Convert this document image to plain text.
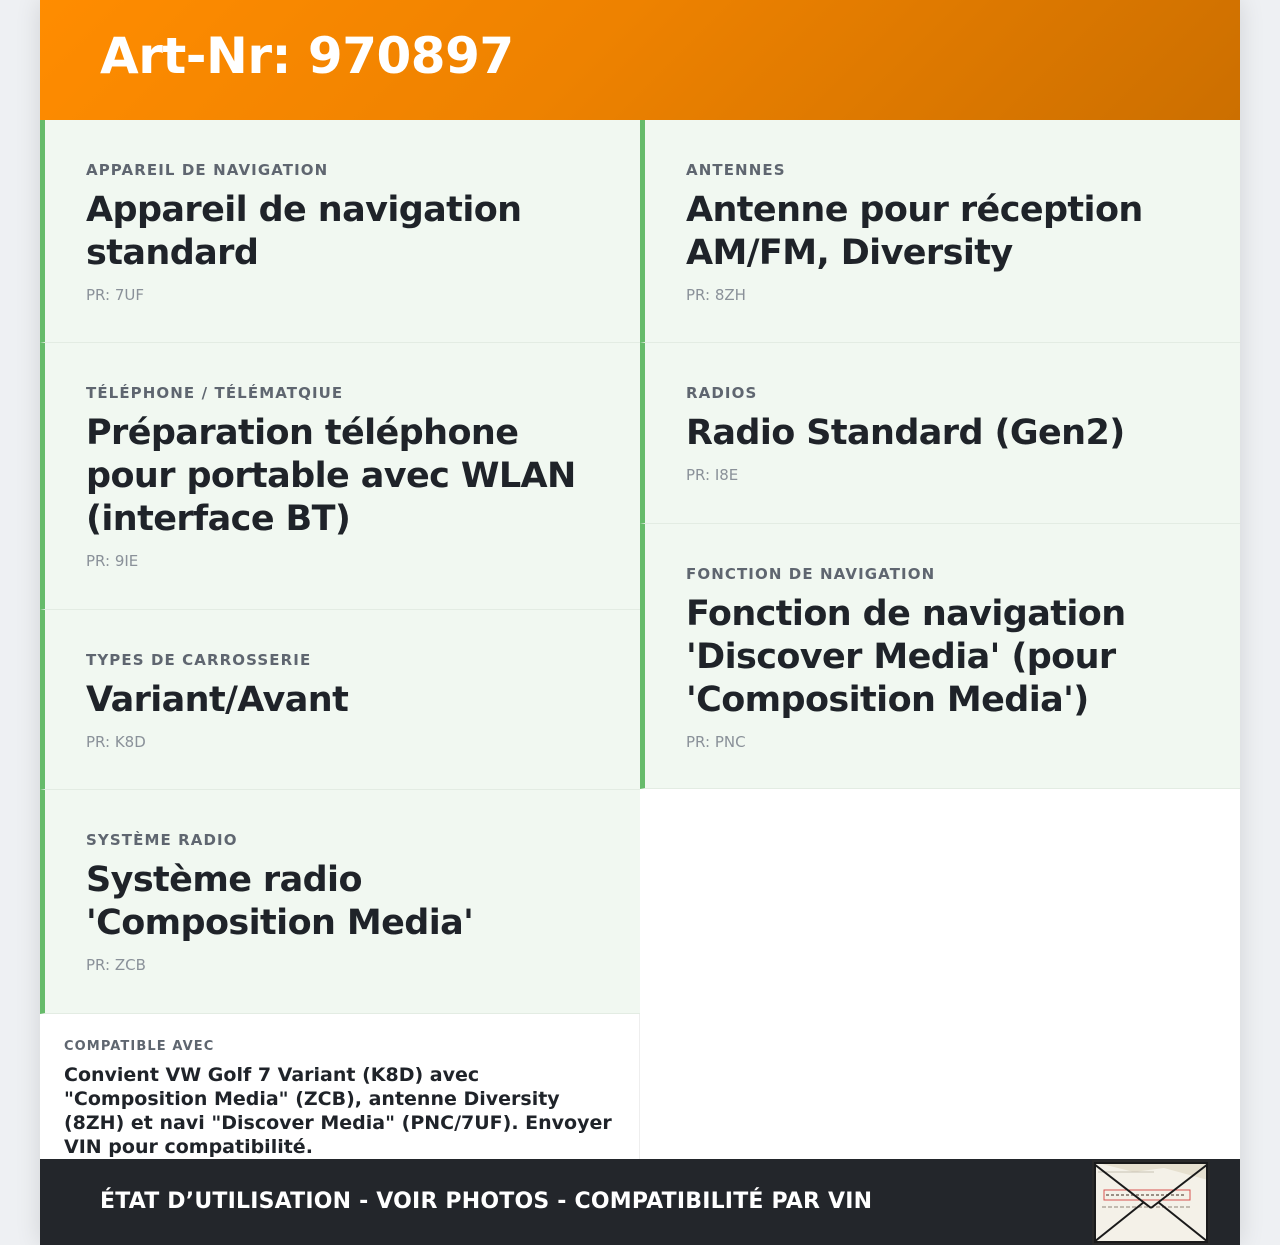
Art-Nr: 970897
APPAREIL DE NAVIGATION
Appareil de navigation standard
PR: 7UF
TÉLÉPHONE / TÉLÉMATQIUE
Préparation téléphone pour portable avec WLAN (interface BT)
PR: 9IE
TYPES DE CARROSSERIE
Variant/Avant
PR: K8D
SYSTÈME RADIO
Système radio 'Composition Media'
PR: ZCB
ANTENNES
Antenne pour réception AM/FM, Diversity
PR: 8ZH
RADIOS
Radio Standard (Gen2)
PR: I8E
FONCTION DE NAVIGATION
Fonction de navigation 'Discover Media' (pour 'Composition Media')
PR: PNC
COMPATIBLE AVEC
Convient VW Golf 7 Variant (K8D) avec "Composition Media" (ZCB), antenne Diversity (8ZH) et navi "Discover Media" (PNC/7UF). Envoyer VIN pour compatibilité.
ÉTAT D’UTILISATION - VOIR PHOTOS - COMPATIBILITÉ PAR VIN
